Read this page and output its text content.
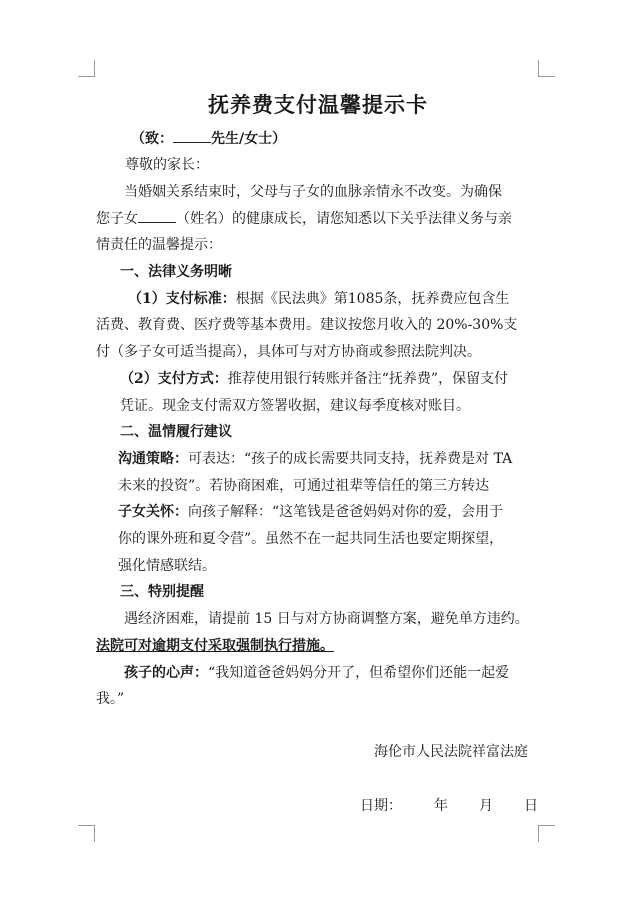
抚养费支付温馨提示卡
（致：	先生/女士）
尊敬的家长：
当婚姻关系结束时，父母与子女的血脉亲情永不改变。为确保
您子女	（姓名）的健康成长，请您知悉以下关乎法律义务与亲
情责任的温馨提示：
一、法律义务明晰
（1）支付标准：根据《民法典》第1085条，抚养费应包含生
活费、教育费、医疗费等基本费用。建议按您月收入的 20%-30%支
付（多子女可适当提高），具体可与对方协商或参照法院判决。
（2）支付方式：推荐使用银行转账并备注“抚养费”，保留支付
凭证。现金支付需双方签署收据，建议每季度核对账目。
二、温情履行建议
沟通策略：可表达：“孩子的成长需要共同支持，抚养费是对 TA
未来的投资”。若协商困难，可通过祖辈等信任的第三方转达
子女关怀：向孩子解释：“这笔钱是爸爸妈妈对你的爱，会用于
你的课外班和夏令营”。虽然不在一起共同生活也要定期探望，
强化情感联结。
三、特别提醒
遇经济困难，请提前 15 日与对方协商调整方案，避免单方违约。
法院可对逾期支付采取强制执行措施。
孩子的心声：“我知道爸爸妈妈分开了，但希望你们还能一起爱
我。”
海伦市人民法院祥富法庭
日期： 年 月 日
